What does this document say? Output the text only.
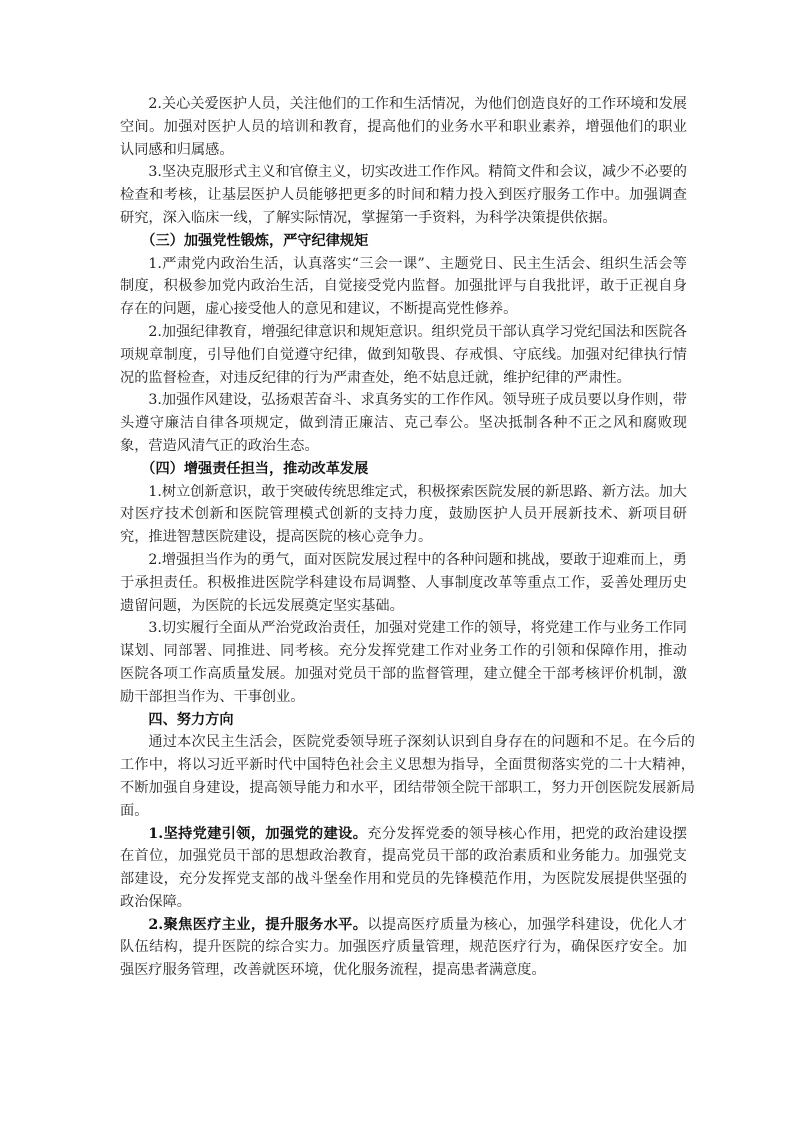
2.关心关爱医护人员，关注他们的工作和生活情况，为他们创造良好的工作环境和发展空间。加强对医护人员的培训和教育，提高他们的业务水平和职业素养，增强他们的职业认同感和归属感。

3.坚决克服形式主义和官僚主义，切实改进工作作风。精简文件和会议，减少不必要的检查和考核，让基层医护人员能够把更多的时间和精力投入到医疗服务工作中。加强调查研究，深入临床一线，了解实际情况，掌握第一手资料，为科学决策提供依据。

（三）加强党性锻炼，严守纪律规矩

1.严肃党内政治生活，认真落实“三会一课”、主题党日、民主生活会、组织生活会等制度，积极参加党内政治生活，自觉接受党内监督。加强批评与自我批评，敢于正视自身存在的问题，虚心接受他人的意见和建议，不断提高党性修养。

2.加强纪律教育，增强纪律意识和规矩意识。组织党员干部认真学习党纪国法和医院各项规章制度，引导他们自觉遵守纪律，做到知敬畏、存戒惧、守底线。加强对纪律执行情况的监督检查，对违反纪律的行为严肃查处，绝不姑息迁就，维护纪律的严肃性。

3.加强作风建设，弘扬艰苦奋斗、求真务实的工作作风。领导班子成员要以身作则，带头遵守廉洁自律各项规定，做到清正廉洁、克己奉公。坚决抵制各种不正之风和腐败现象，营造风清气正的政治生态。

（四）增强责任担当，推动改革发展

1.树立创新意识，敢于突破传统思维定式，积极探索医院发展的新思路、新方法。加大对医疗技术创新和医院管理模式创新的支持力度，鼓励医护人员开展新技术、新项目研究，推进智慧医院建设，提高医院的核心竞争力。

2.增强担当作为的勇气，面对医院发展过程中的各种问题和挑战，要敢于迎难而上，勇于承担责任。积极推进医院学科建设布局调整、人事制度改革等重点工作，妥善处理历史遗留问题，为医院的长远发展奠定坚实基础。

3.切实履行全面从严治党政治责任，加强对党建工作的领导，将党建工作与业务工作同谋划、同部署、同推进、同考核。充分发挥党建工作对业务工作的引领和保障作用，推动医院各项工作高质量发展。加强对党员干部的监督管理，建立健全干部考核评价机制，激励干部担当作为、干事创业。

四、努力方向

通过本次民主生活会，医院党委领导班子深刻认识到自身存在的问题和不足。在今后的工作中，将以习近平新时代中国特色社会主义思想为指导，全面贯彻落实党的二十大精神，不断加强自身建设，提高领导能力和水平，团结带领全院干部职工，努力开创医院发展新局面。

1.坚持党建引领，加强党的建设。充分发挥党委的领导核心作用，把党的政治建设摆在首位，加强党员干部的思想政治教育，提高党员干部的政治素质和业务能力。加强党支部建设，充分发挥党支部的战斗堡垒作用和党员的先锋模范作用，为医院发展提供坚强的政治保障。

2.聚焦医疗主业，提升服务水平。以提高医疗质量为核心，加强学科建设，优化人才队伍结构，提升医院的综合实力。加强医疗质量管理，规范医疗行为，确保医疗安全。加强医疗服务管理，改善就医环境，优化服务流程，提高患者满意度。
